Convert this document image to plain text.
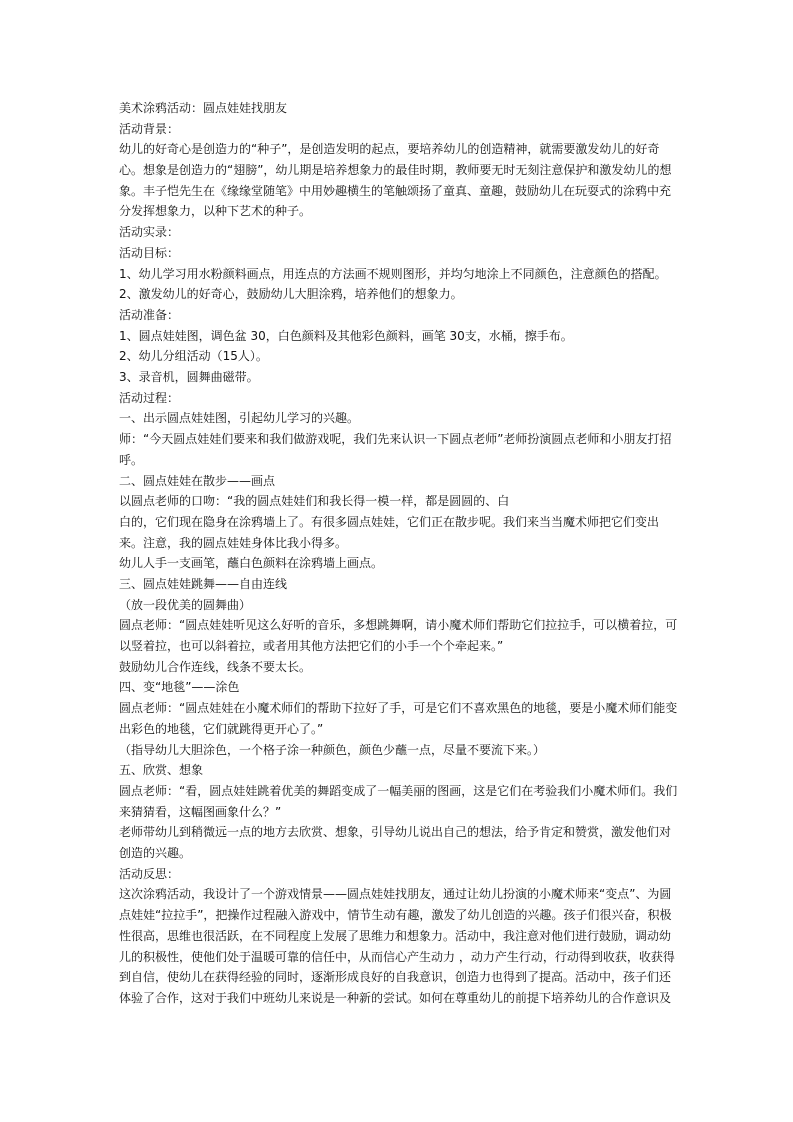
美术涂鸦活动：圆点娃娃找朋友
活动背景：
幼儿的好奇心是创造力的“种子”，是创造发明的起点，要培养幼儿的创造精神，就需要激发幼儿的好奇心。想象是创造力的“翅膀”，幼儿期是培养想象力的最佳时期，教师要无时无刻注意保护和激发幼儿的想象。丰子恺先生在《缘缘堂随笔》中用妙趣横生的笔触颂扬了童真、童趣，鼓励幼儿在玩耍式的涂鸦中充分发挥想象力，以种下艺术的种子。
活动实录：
活动目标：
1、幼儿学习用水粉颜料画点，用连点的方法画不规则图形，并均匀地涂上不同颜色，注意颜色的搭配。
2、激发幼儿的好奇心，鼓励幼儿大胆涂鸦，培养他们的想象力。
活动准备：
1、圆点娃娃图，调色盆 30，白色颜料及其他彩色颜料，画笔 30支，水桶，擦手布。
2、幼儿分组活动（15人）。
3、录音机，圆舞曲磁带。
活动过程：
一、出示圆点娃娃图，引起幼儿学习的兴趣。
师：“今天圆点娃娃们要来和我们做游戏呢，我们先来认识一下圆点老师”老师扮演圆点老师和小朋友打招呼。
二、圆点娃娃在散步——画点
以圆点老师的口吻：“我的圆点娃娃们和我长得一模一样，都是圆圆的、白
白的，它们现在隐身在涂鸦墙上了。有很多圆点娃娃，它们正在散步呢。我们来当当魔术师把它们变出来。注意，我的圆点娃娃身体比我小得多。
幼儿人手一支画笔，蘸白色颜料在涂鸦墙上画点。
三、圆点娃娃跳舞——自由连线
（放一段优美的圆舞曲）
圆点老师：“圆点娃娃听见这么好听的音乐，多想跳舞啊，请小魔术师们帮助它们拉拉手，可以横着拉，可以竖着拉，也可以斜着拉，或者用其他方法把它们的小手一个个牵起来。”
鼓励幼儿合作连线，线条不要太长。
四、变“地毯”——涂色
圆点老师：“圆点娃娃在小魔术师们的帮助下拉好了手，可是它们不喜欢黑色的地毯，要是小魔术师们能变出彩色的地毯，它们就跳得更开心了。”
（指导幼儿大胆涂色，一个格子涂一种颜色，颜色少蘸一点，尽量不要流下来。）
五、欣赏、想象
圆点老师：“看，圆点娃娃跳着优美的舞蹈变成了一幅美丽的图画，这是它们在考验我们小魔术师们。我们来猜猜看，这幅图画象什么？”
老师带幼儿到稍微远一点的地方去欣赏、想象，引导幼儿说出自己的想法，给予肯定和赞赏，激发他们对创造的兴趣。
活动反思：
这次涂鸦活动，我设计了一个游戏情景——圆点娃娃找朋友，通过让幼儿扮演的小魔术师来“变点”、为圆点娃娃“拉拉手”，把操作过程融入游戏中，情节生动有趣，激发了幼儿创造的兴趣。孩子们很兴奋，积极性很高，思维也很活跃，在不同程度上发展了思维力和想象力。活动中，我注意对他们进行鼓励，调动幼儿的积极性，使他们处于温暖可靠的信任中，从而信心产生动力 ，动力产生行动，行动得到收获，收获得到自信，使幼儿在获得经验的同时，逐渐形成良好的自我意识，创造力也得到了提高。活动中，孩子们还体验了合作，这对于我们中班幼儿来说是一种新的尝试。如何在尊重幼儿的前提下培养幼儿的合作意识及
